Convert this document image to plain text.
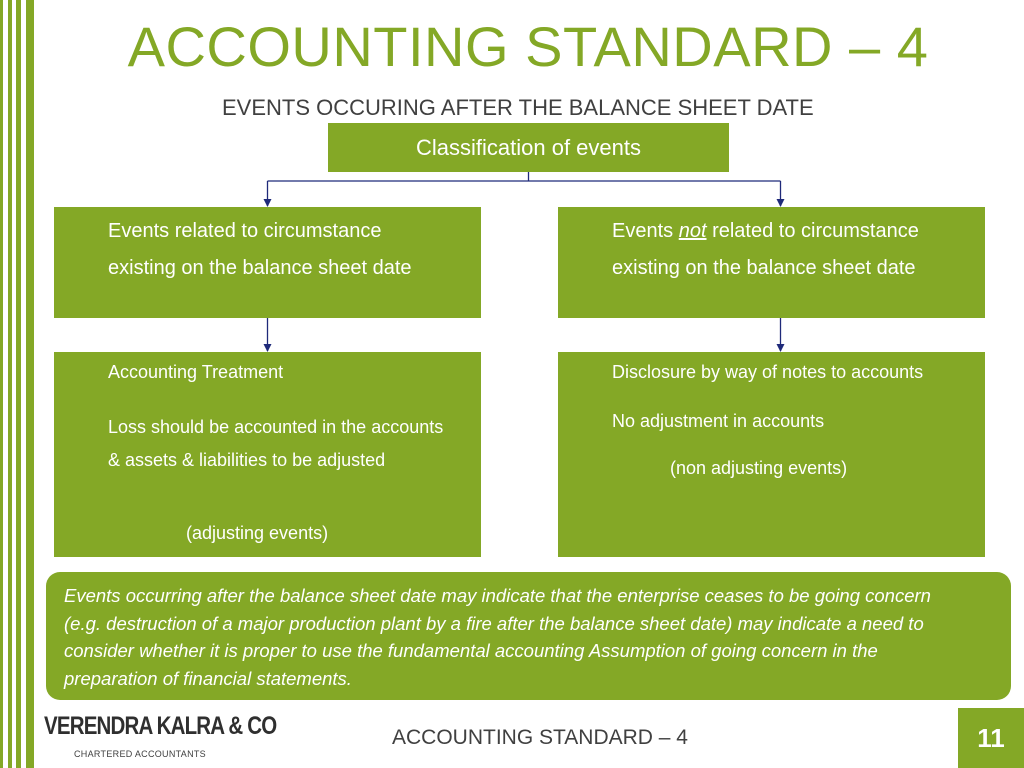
ACCOUNTING STANDARD – 4
EVENTS OCCURING AFTER THE BALANCE SHEET DATE
Classification of events
Events related to circumstance
existing on the balance sheet date
Events not related to circumstance
existing on the balance sheet date
Accounting Treatment
Loss should be accounted in the accounts & assets & liabilities to be adjusted
(adjusting events)
Disclosure by way of notes to accounts
No adjustment in accounts
(non adjusting events)
Events occurring after the balance sheet date may indicate that the enterprise ceases to be going concern (e.g. destruction of a major production plant by a fire after the balance sheet date) may indicate a need to consider whether it is proper to use the fundamental accounting Assumption of going concern in the preparation of financial statements.
VERENDRA KALRA & CO
CHARTERED ACCOUNTANTS
ACCOUNTING STANDARD – 4	11
